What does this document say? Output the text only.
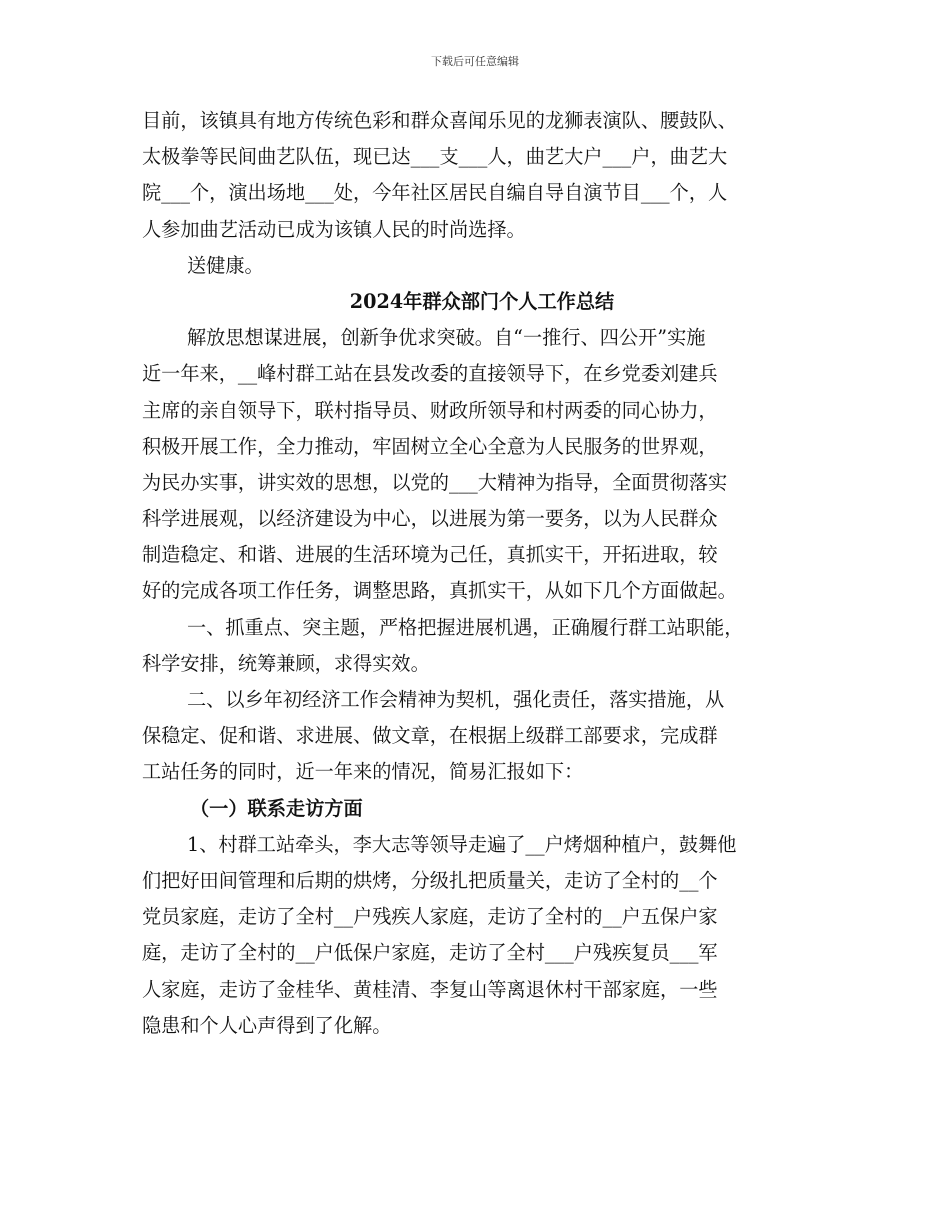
下载后可任意编辑
目前，该镇具有地方传统色彩和群众喜闻乐见的龙狮表演队、腰鼓队、
太极拳等民间曲艺队伍，现已达___支___人，曲艺大户___户，曲艺大
院___个，演出场地___处，今年社区居民自编自导自演节目___个，人
人参加曲艺活动已成为该镇人民的时尚选择。
送健康。
2024年群众部门个人工作总结
解放思想谋进展，创新争优求突破。自“一推行、四公开”实施
近一年来，__峰村群工站在县发改委的直接领导下，在乡党委刘建兵
主席的亲自领导下，联村指导员、财政所领导和村两委的同心协力，
积极开展工作，全力推动，牢固树立全心全意为人民服务的世界观，
为民办实事，讲实效的思想，以党的___大精神为指导，全面贯彻落实
科学进展观，以经济建设为中心，以进展为第一要务，以为人民群众
制造稳定、和谐、进展的生活环境为己任，真抓实干，开拓进取，较
好的完成各项工作任务，调整思路，真抓实干，从如下几个方面做起。
一、抓重点、突主题，严格把握进展机遇，正确履行群工站职能，
科学安排，统筹兼顾，求得实效。
二、以乡年初经济工作会精神为契机，强化责任，落实措施，从
保稳定、促和谐、求进展、做文章，在根据上级群工部要求，完成群
工站任务的同时，近一年来的情况，简易汇报如下：
（一）联系走访方面
1、村群工站牵头，李大志等领导走遍了__户烤烟种植户，鼓舞他
们把好田间管理和后期的烘烤，分级扎把质量关，走访了全村的__个
党员家庭，走访了全村__户残疾人家庭，走访了全村的__户五保户家
庭，走访了全村的__户低保户家庭，走访了全村___户残疾复员___军
人家庭，走访了金桂华、黄桂清、李复山等离退休村干部家庭，一些
隐患和个人心声得到了化解。
